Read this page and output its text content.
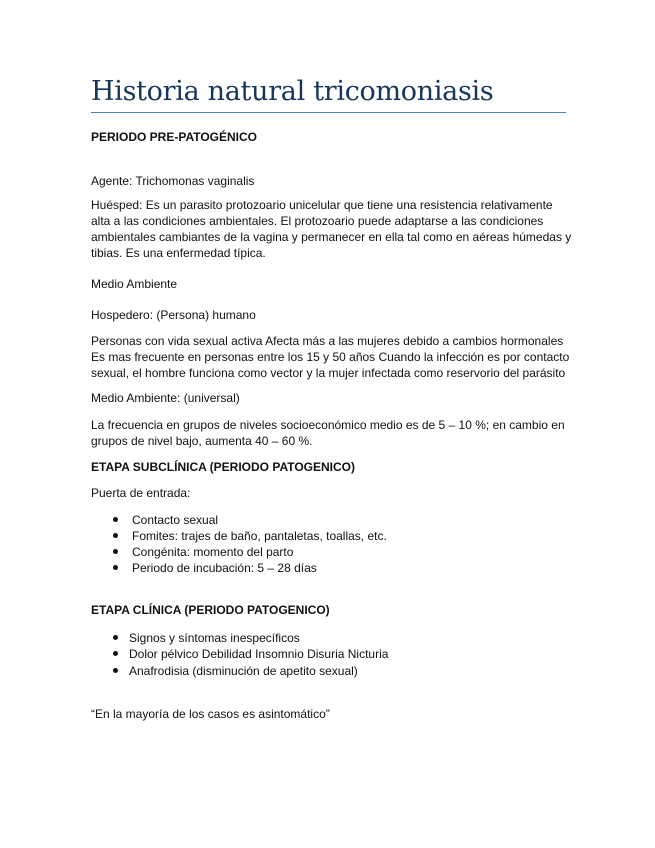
Historia natural tricomoniasis
PERIODO PRE-PATOGÉNICO
Agente: Trichomonas vaginalis
Huésped: Es un parasito protozoario unicelular que tiene una resistencia relativamente
alta a las condiciones ambientales. El protozoario puede adaptarse a las condiciones
ambientales cambiantes de la vagina y permanecer en ella tal como en aéreas húmedas y
tibias. Es una enfermedad típica.
Medio Ambiente
Hospedero: (Persona) humano
Personas con vida sexual activa Afecta más a las mujeres debido a cambios hormonales
Es mas frecuente en personas entre los 15 y 50 años Cuando la infección es por contacto
sexual, el hombre funciona como vector y la mujer infectada como reservorio del parásito
Medio Ambiente: (universal)
La frecuencia en grupos de niveles socioeconómico medio es de 5 – 10 %; en cambio en
grupos de nivel bajo, aumenta 40 – 60 %.
ETAPA SUBCLÍNICA (PERIODO PATOGENICO)
Puerta de entrada:
Contacto sexual
Fomites: trajes de baño, pantaletas, toallas, etc.
Congénita: momento del parto
Periodo de incubación: 5 – 28 días
ETAPA CLÍNICA (PERIODO PATOGENICO)
Signos y síntomas inespecíficos
Dolor pélvico Debilidad Insomnio Disuria Nicturia
Anafrodisia (disminución de apetito sexual)
“En la mayoría de los casos es asintomático”
